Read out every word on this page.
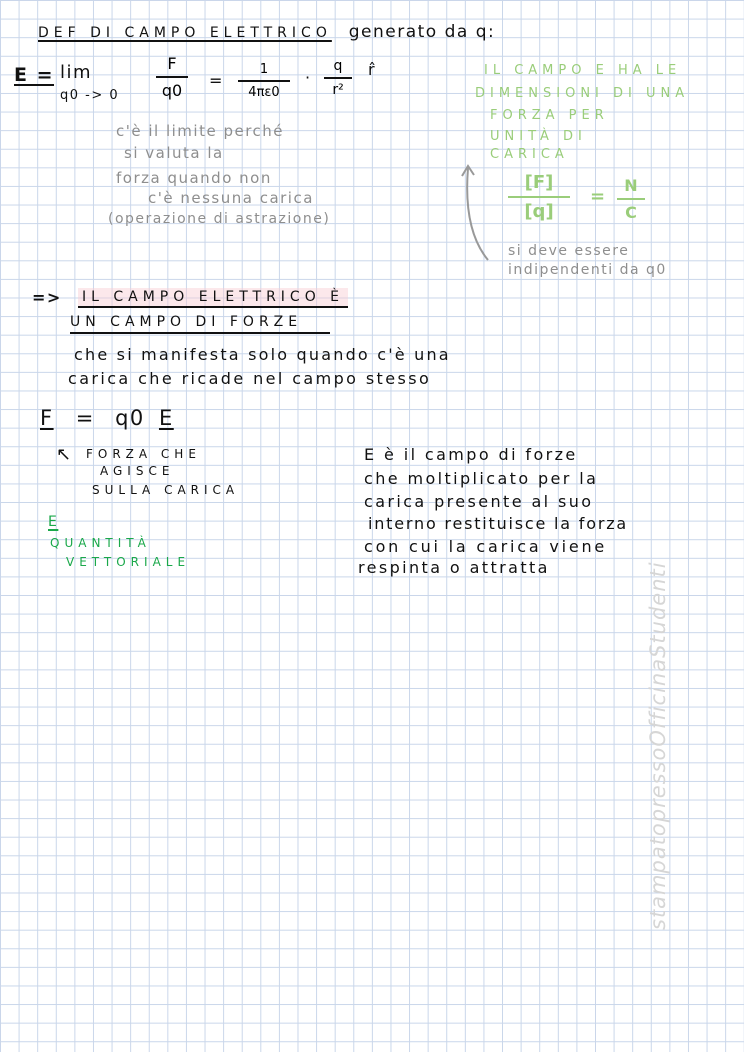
DEF DI CAMPO ELETTRICO generato da q:
E = lim
q0 -> 0
F
q0
=
1
4πε0
·
q
r²
r̂
c'è il limite perché
si valuta la
forza quando non
c'è nessuna carica
(operazione di astrazione)
IL CAMPO E HA LE
DIMENSIONI DI UNA
FORZA PER
UNITÀ DI
CARICA
[F]
[q]
=
N
C
si deve essere
indipendenti da q0
=> IL CAMPO ELETTRICO È
UN CAMPO DI FORZE
che si manifesta solo quando c'è una
carica che ricade nel campo stesso
F = q0 E
↖ FORZA CHE
AGISCE
SULLA CARICA
E
QUANTITÀ
VETTORIALE
E è il campo di forze
che moltiplicato per la
carica presente al suo
interno restituisce la forza
con cui la carica viene
respinta o attratta	stampatopressoOfficinaStudenti
